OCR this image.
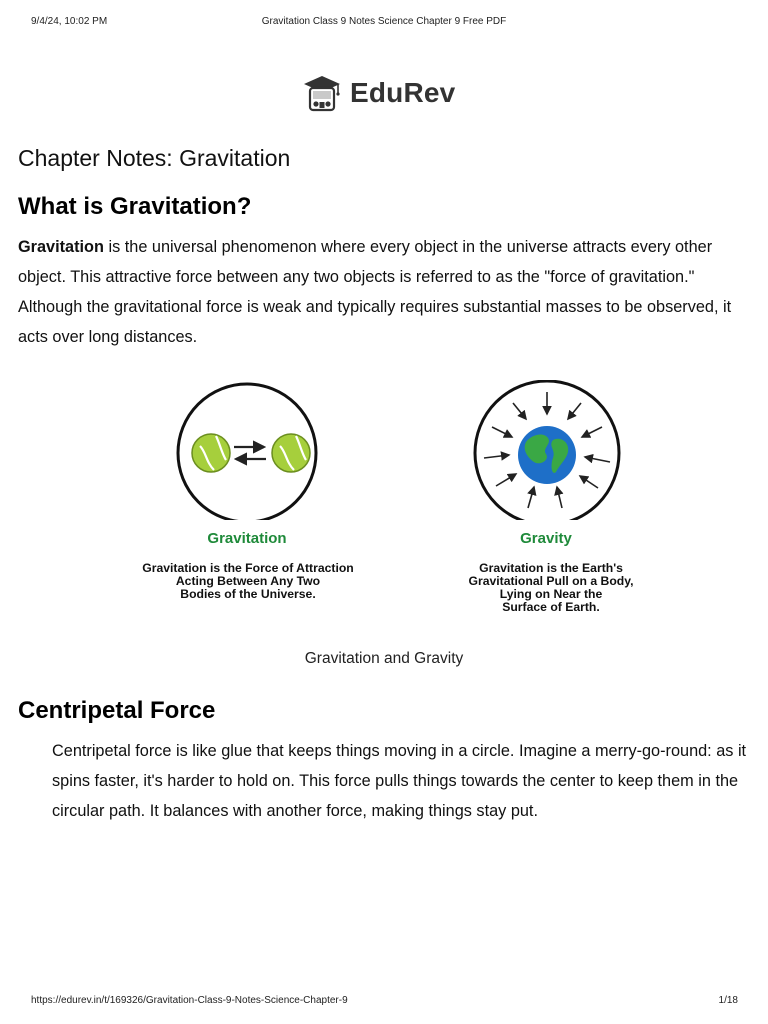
9/4/24, 10:02 PM	Gravitation Class 9 Notes Science Chapter 9 Free PDF
EduRev
Chapter Notes: Gravitation
What is Gravitation?

Gravitation is the universal phenomenon where every object in the universe attracts every other object. This attractive force between any two objects is referred to as the "force of gravitation." Although the gravitational force is weak and typically requires substantial masses to be observed, it acts over long distances.

Gravitation
Gravitation is the Force of Attraction
Acting Between Any Two
Bodies of the Universe.
Gravity
Gravitation is the Earth's
Gravitational Pull on a Body,
Lying on Near the
Surface of Earth.
Gravitation and Gravity
Centripetal Force

Centripetal force is like glue that keeps things moving in a circle. Imagine a merry-go-round: as it spins faster, it's harder to hold on. This force pulls things towards the center to keep them in the circular path. It balances with another force, making things stay put.

https://edurev.in/t/169326/Gravitation-Class-9-Notes-Science-Chapter-9	1/18
